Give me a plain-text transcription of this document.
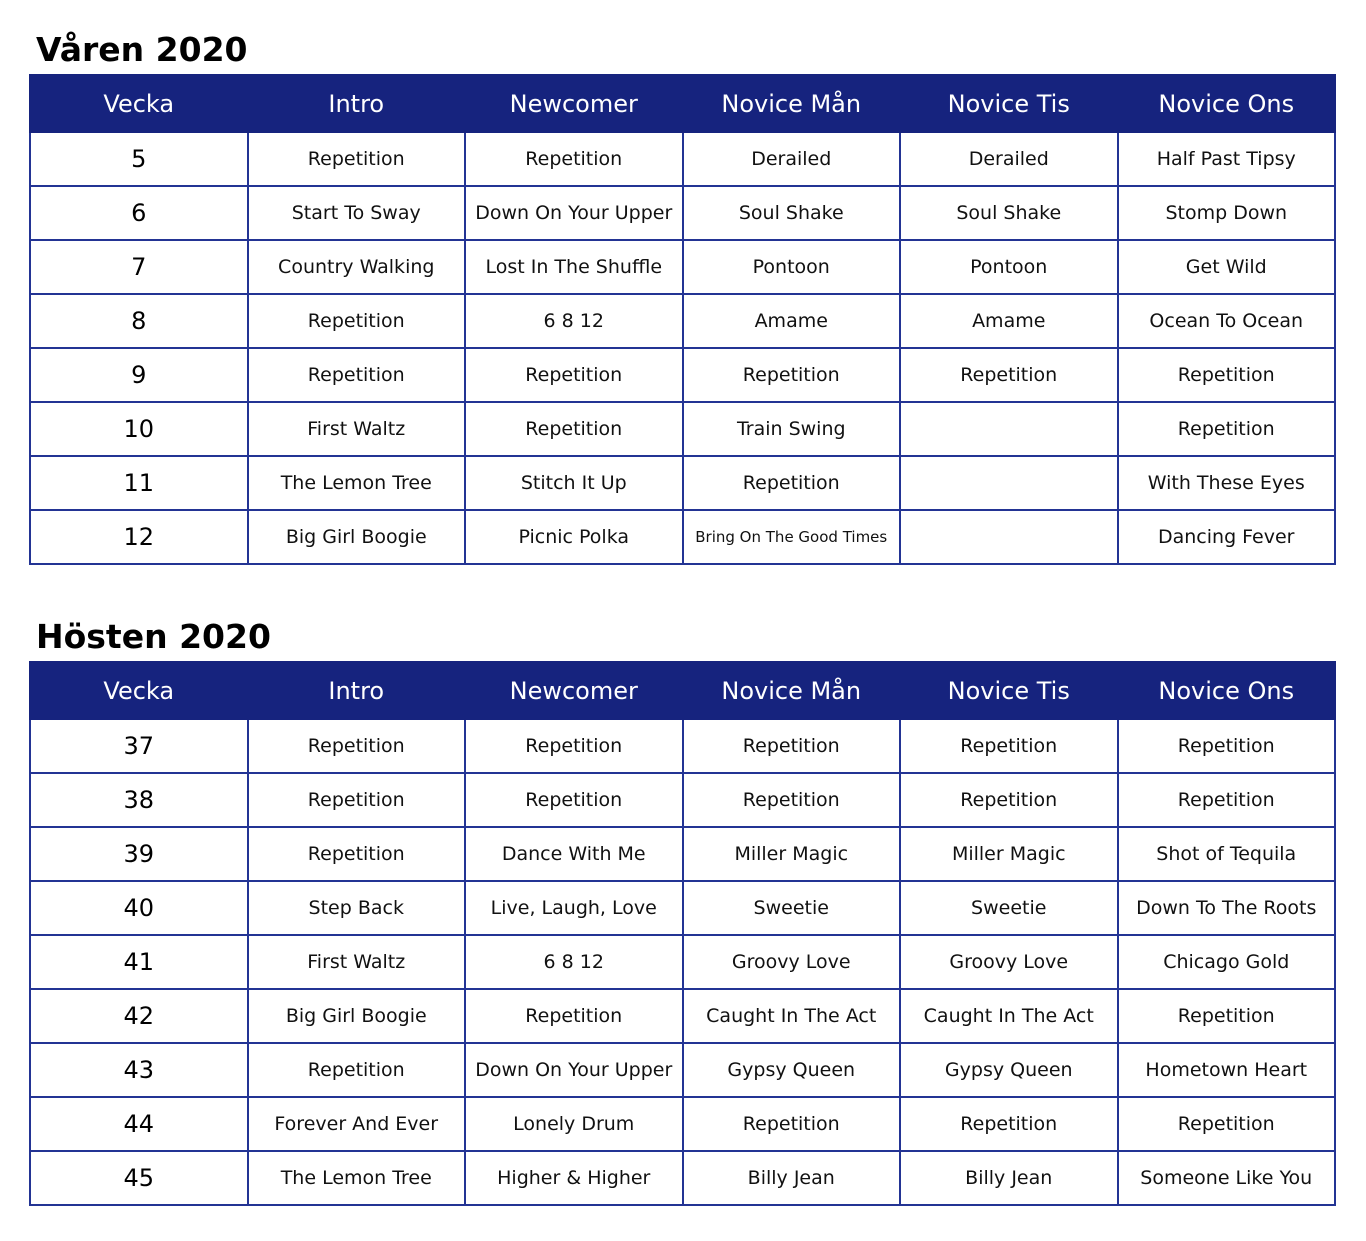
Våren 2020
Vecka	Intro	Newcomer	Novice Mån	Novice Tis	Novice Ons
5	Repetition	Repetition	Derailed	Derailed	Half Past Tipsy
6	Start To Sway	Down On Your Upper	Soul Shake	Soul Shake	Stomp Down
7	Country Walking	Lost In The Shuffle	Pontoon	Pontoon	Get Wild
8	Repetition	6 8 12	Amame	Amame	Ocean To Ocean
9	Repetition	Repetition	Repetition	Repetition	Repetition
10	First Waltz	Repetition	Train Swing		Repetition
11	The Lemon Tree	Stitch It Up	Repetition		With These Eyes
12	Big Girl Boogie	Picnic Polka	Bring On The Good Times		Dancing Fever
Hösten 2020
Vecka	Intro	Newcomer	Novice Mån	Novice Tis	Novice Ons
37	Repetition	Repetition	Repetition	Repetition	Repetition
38	Repetition	Repetition	Repetition	Repetition	Repetition
39	Repetition	Dance With Me	Miller Magic	Miller Magic	Shot of Tequila
40	Step Back	Live, Laugh, Love	Sweetie	Sweetie	Down To The Roots
41	First Waltz	6 8 12	Groovy Love	Groovy Love	Chicago Gold
42	Big Girl Boogie	Repetition	Caught In The Act	Caught In The Act	Repetition
43	Repetition	Down On Your Upper	Gypsy Queen	Gypsy Queen	Hometown Heart
44	Forever And Ever	Lonely Drum	Repetition	Repetition	Repetition
45	The Lemon Tree	Higher & Higher	Billy Jean	Billy Jean	Someone Like You
